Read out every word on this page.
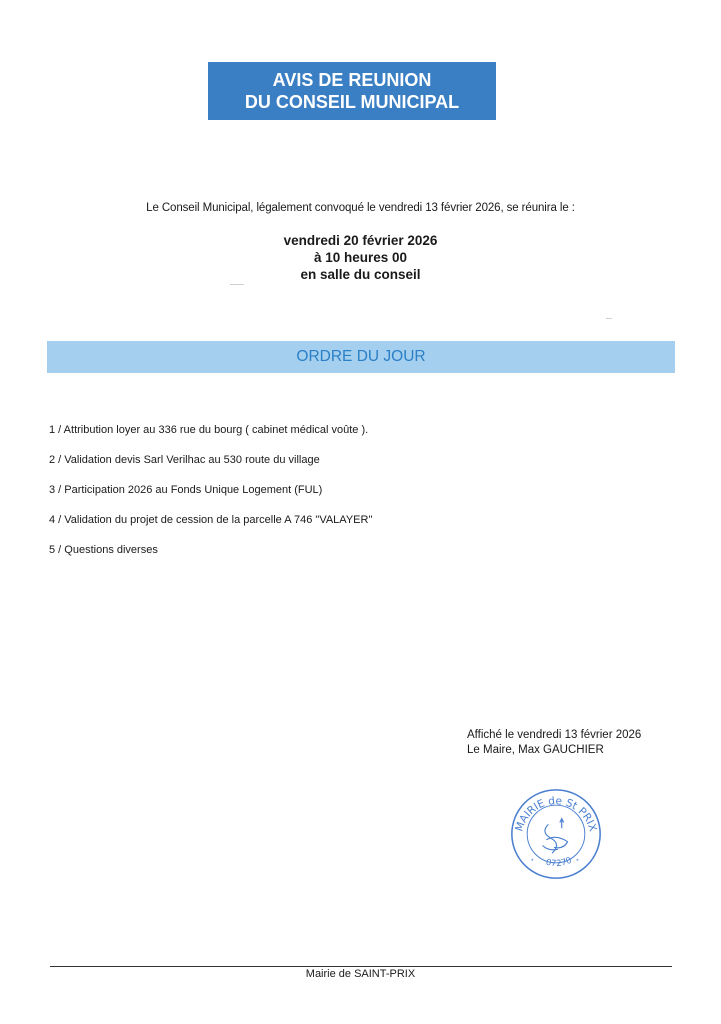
AVIS DE REUNION
DU CONSEIL MUNICIPAL
Le Conseil Municipal, légalement convoqué le vendredi 13 février 2026, se réunira le :
vendredi 20 février 2026
à 10 heures 00
en salle du conseil
ORDRE DU JOUR
1 / Attribution loyer au 336 rue du bourg ( cabinet médical voûte ).
2 / Validation devis Sarl Verilhac au 530 route du village
3 / Participation 2026 au Fonds Unique Logement (FUL)
4 / Validation du projet de cession de la parcelle A 746 "VALAYER"
5 / Questions diverses
Affiché le vendredi 13 février 2026
Le Maire, Max GAUCHIER
MAIRIE de St PRIX
07270
*	*
Mairie de SAINT-PRIX
